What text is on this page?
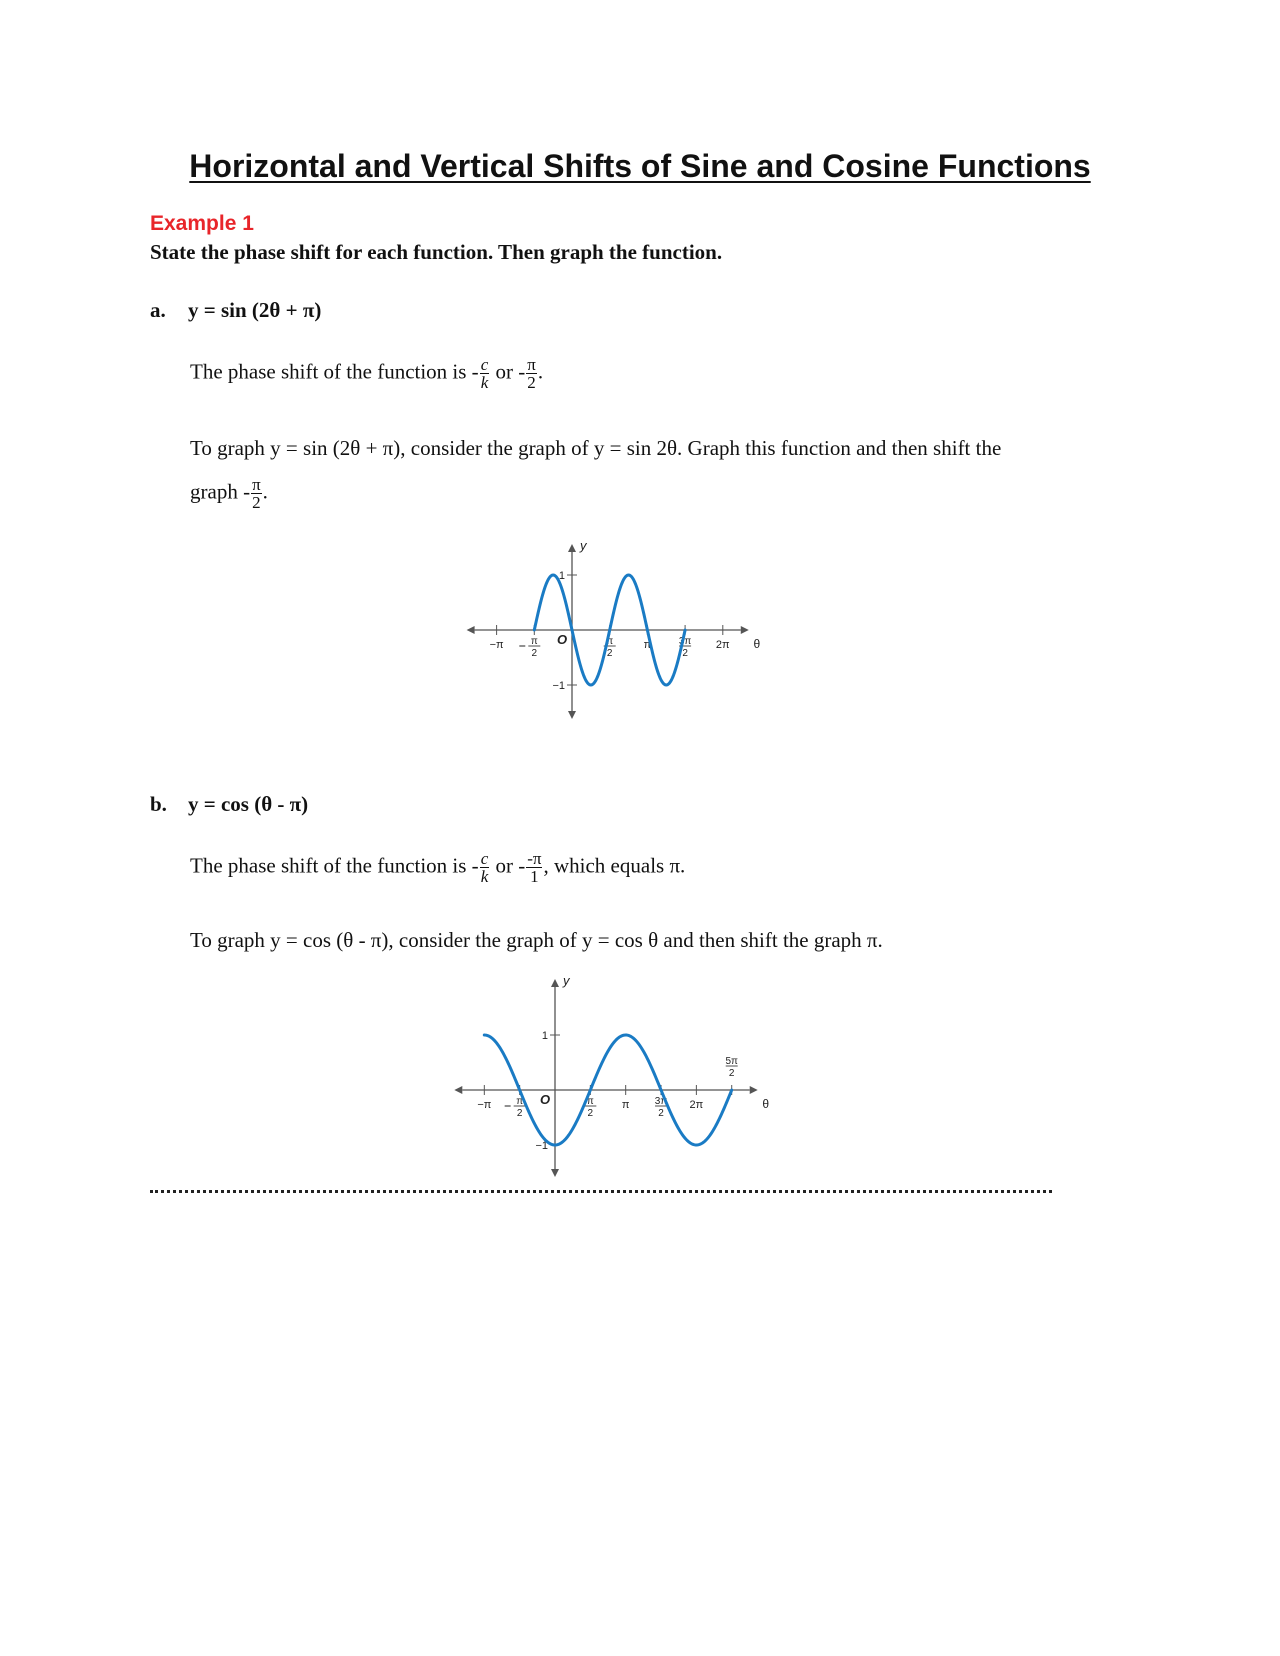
Horizontal and Vertical Shifts of Sine and Cosine Functions
Example 1
State the phase shift for each function. Then graph the function.
a. y = sin (2θ + π)
The phase shift of the function is - $\frac{c}{k}$ or - $\frac{\pi}{2}$ .
To graph y = sin (2θ + π), consider the graph of y = sin 2θ. Graph this function and then shift the
graph - $\frac{\pi}{2}$ .
y
θ
O
1
−1
−π	π
2
π
2
π	3π
2
2π
b. y = cos (θ - π)
The phase shift of the function is - $\frac{c}{k}$ or - $\frac{-\pi}{1}$ , which equals π.
To graph y = cos (θ - π), consider the graph of y = cos θ and then shift the graph π.
y
θ
O
1
−1
−π π
2
π
2
π	3π
2
2π
5π
2
